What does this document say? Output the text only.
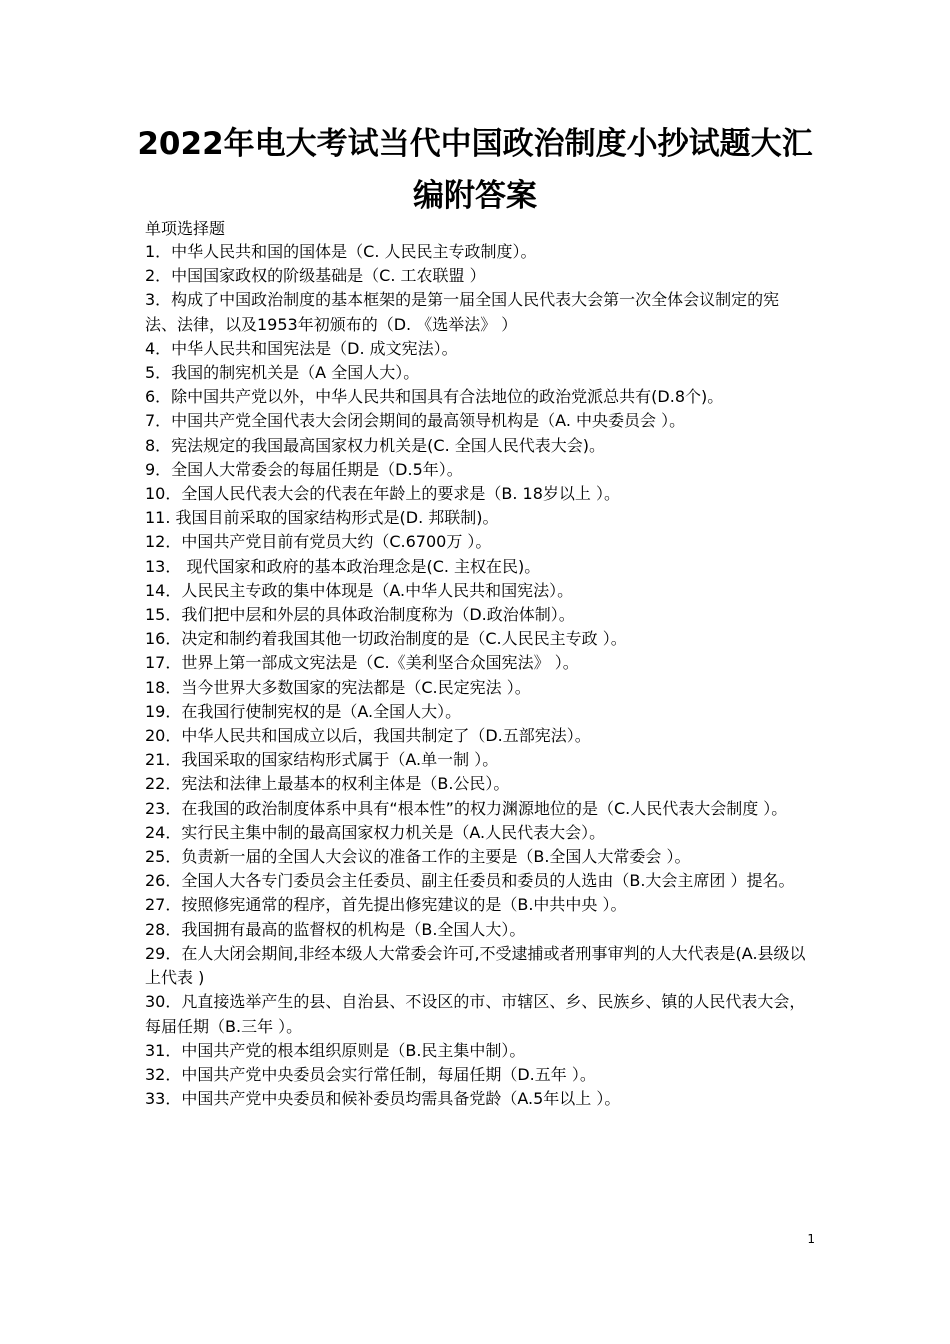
2022年电大考试当代中国政治制度小抄试题大汇编附答案
单项选择题
1．中华人民共和国的国体是（C. 人民民主专政制度）。
2．中国国家政权的阶级基础是（C. 工农联盟 ）
3．构成了中国政治制度的基本框架的是第一届全国人民代表大会第一次全体会议制定的宪法、法律，以及1953年初颁布的（D. 《选举法》 ）
4．中华人民共和国宪法是（D. 成文宪法）。
5．我国的制宪机关是（A 全国人大）。
6．除中国共产党以外，中华人民共和国具有合法地位的政治党派总共有(D.8个)。
7．中国共产党全国代表大会闭会期间的最高领导机构是（A. 中央委员会 ）。
8．宪法规定的我国最高国家权力机关是(C. 全国人民代表大会)。
9．全国人大常委会的每届任期是（D.5年）。
10．全国人民代表大会的代表在年龄上的要求是（B. 18岁以上 ）。
11. 我国目前采取的国家结构形式是(D. 邦联制)。
12．中国共产党目前有党员大约（C.6700万 ）。
13． 现代国家和政府的基本政治理念是(C. 主权在民)。
14．人民民主专政的集中体现是（A.中华人民共和国宪法）。
15．我们把中层和外层的具体政治制度称为（D.政治体制）。
16．决定和制约着我国其他一切政治制度的是（C.人民民主专政 ）。
17．世界上第一部成文宪法是（C.《美利坚合众国宪法》 ）。
18．当今世界大多数国家的宪法都是（C.民定宪法 ）。
19．在我国行使制宪权的是（A.全国人大）。
20．中华人民共和国成立以后，我国共制定了（D.五部宪法）。
21．我国采取的国家结构形式属于（A.单一制 ）。
22．宪法和法律上最基本的权利主体是（B.公民）。
23．在我国的政治制度体系中具有“根本性”的权力渊源地位的是（C.人民代表大会制度 ）。
24．实行民主集中制的最高国家权力机关是（A.人民代表大会）。
25．负责新一届的全国人大会议的准备工作的主要是（B.全国人大常委会 ）。
26．全国人大各专门委员会主任委员、副主任委员和委员的人选由（B.大会主席团 ）提名。
27．按照修宪通常的程序，首先提出修宪建议的是（B.中共中央 ）。
28．我国拥有最高的监督权的机构是（B.全国人大）。
29．在人大闭会期间,非经本级人大常委会许可,不受逮捕或者刑事审判的人大代表是(A.县级以上代表 )
30．凡直接选举产生的县、自治县、不设区的市、市辖区、乡、民族乡、镇的人民代表大会，每届任期（B.三年 ）。
31．中国共产党的根本组织原则是（B.民主集中制）。
32．中国共产党中央委员会实行常任制，每届任期（D.五年 ）。
33．中国共产党中央委员和候补委员均需具备党龄（A.5年以上 ）。
1
